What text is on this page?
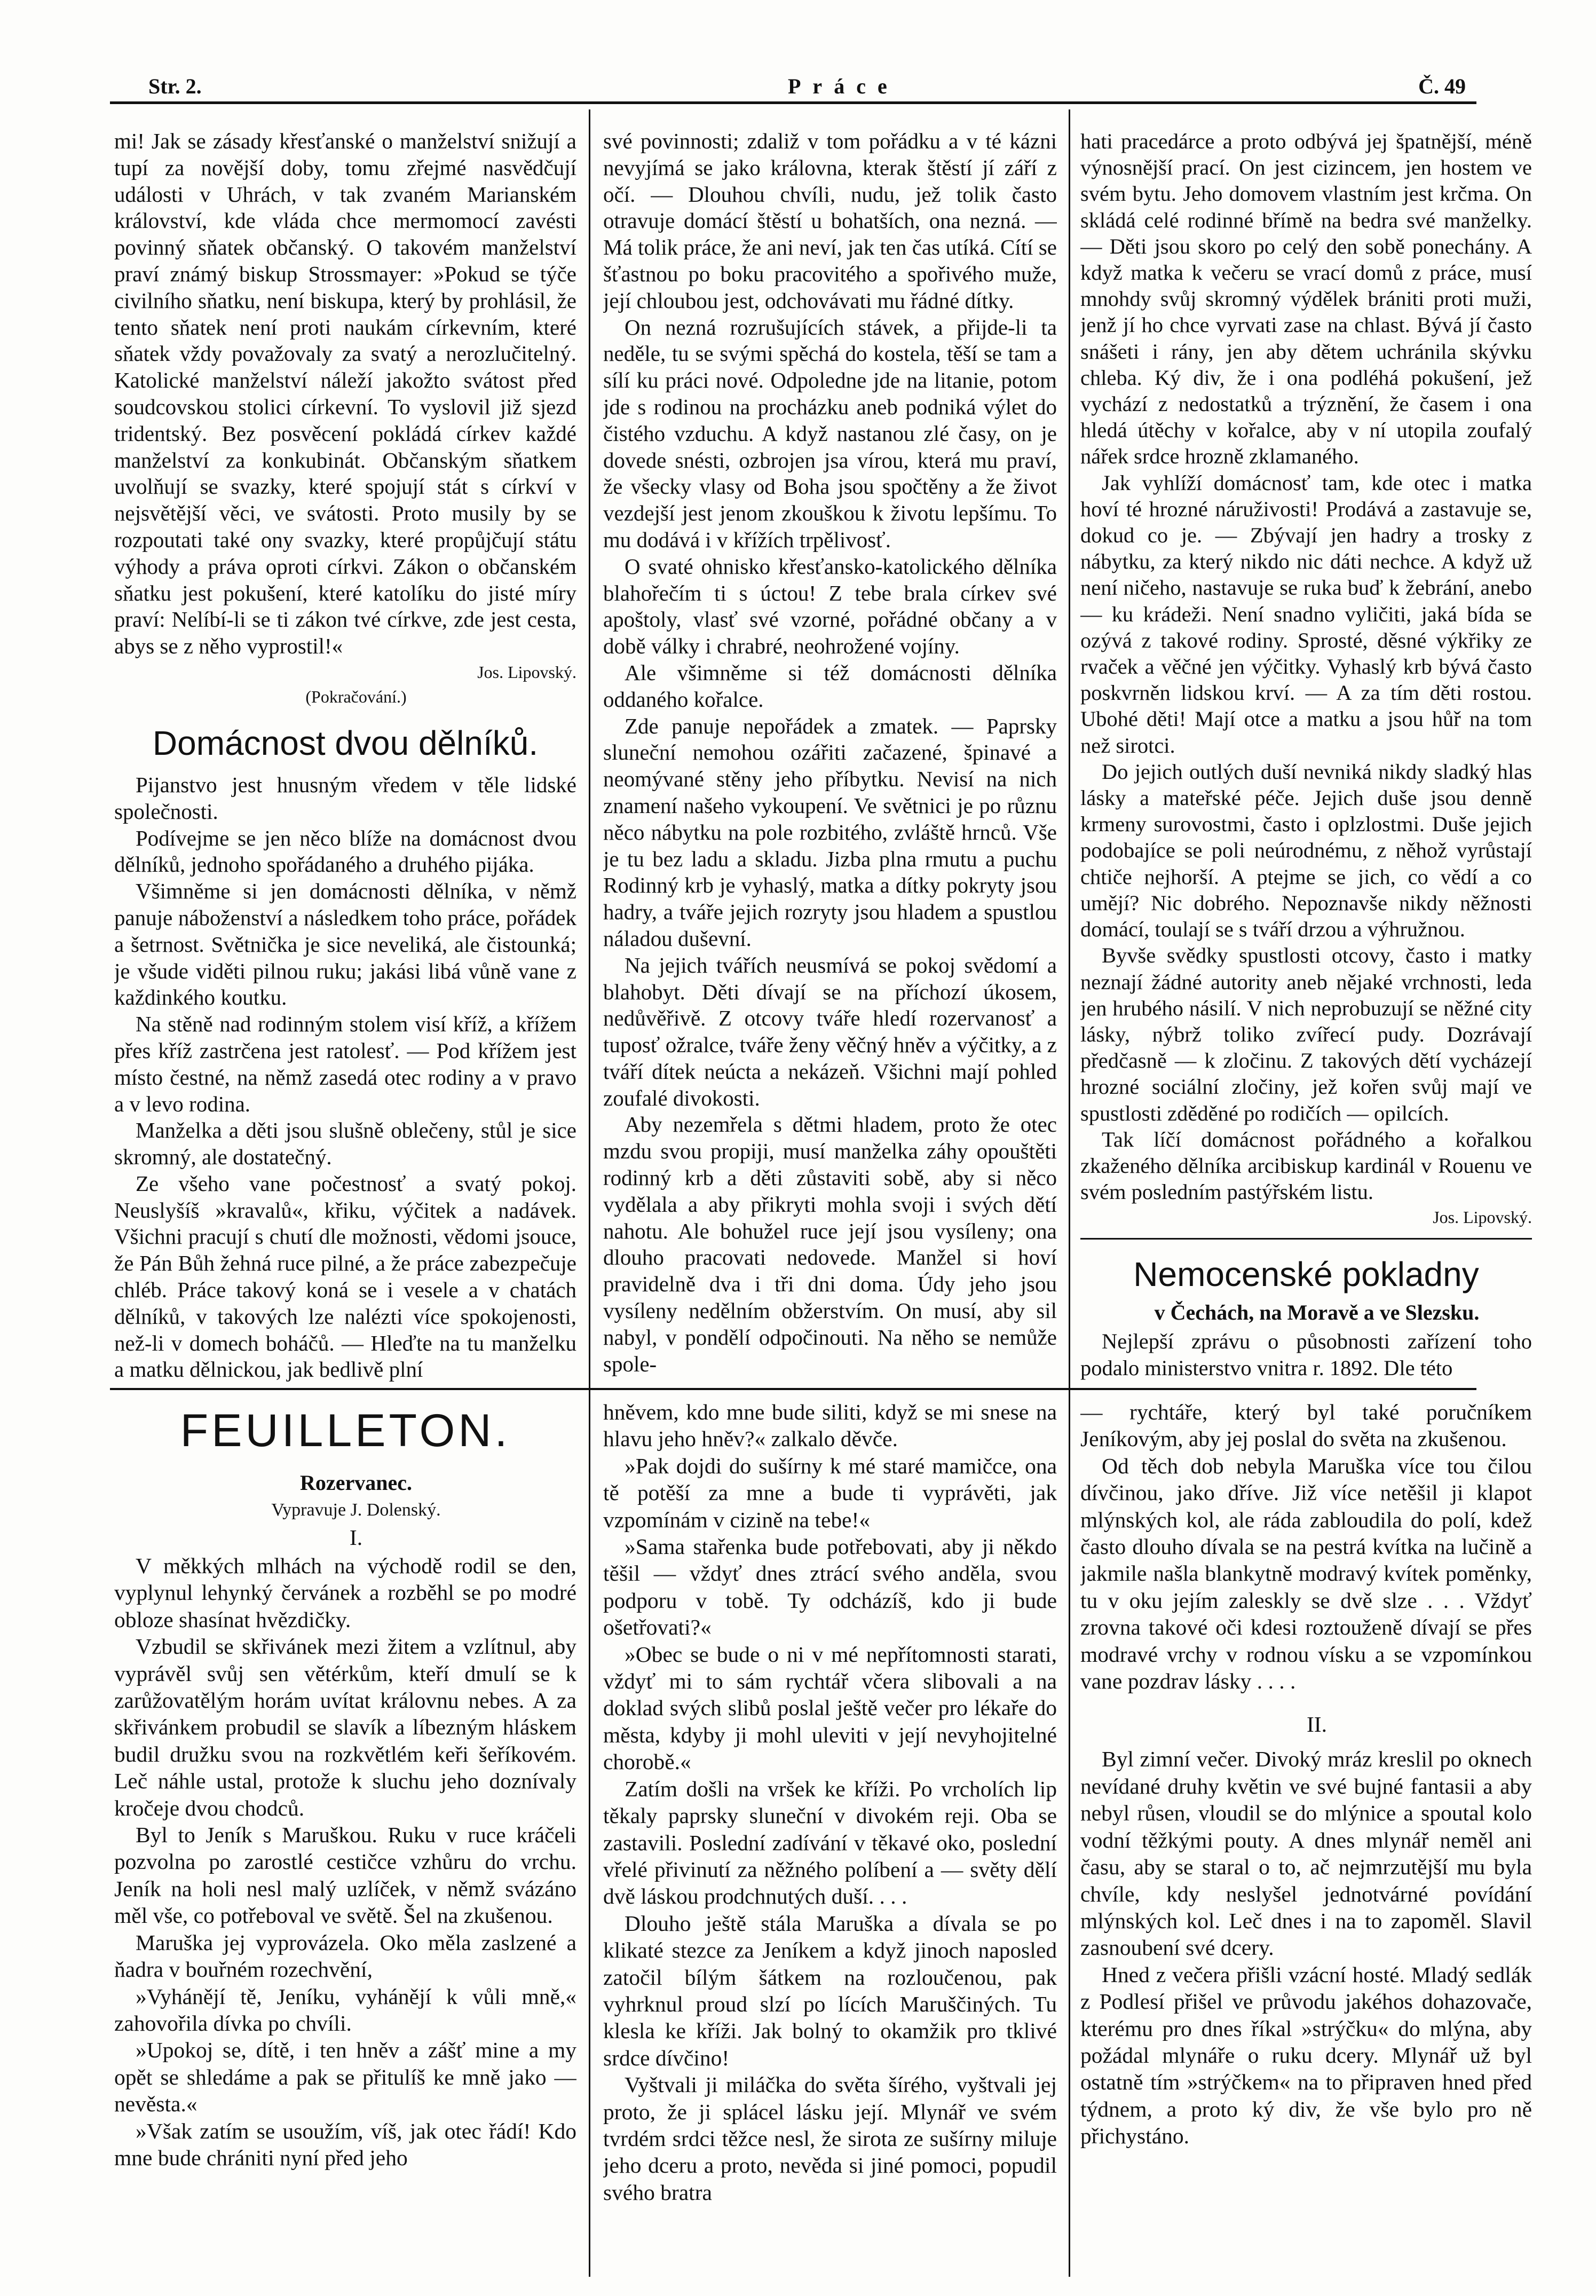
Str. 2.	Práce	Č. 49

mi! Jak se zásady křesťanské o manželství snižují a tupí za novější doby, tomu zřejmé nasvědčují události v Uhrách, v tak zvaném Marianském království, kde vláda chce mermomocí zavésti povinný sňatek občanský. O takovém manželství praví známý biskup Strossmayer: »Pokud se týče civilního sňatku, není biskupa, který by prohlásil, že tento sňatek není proti naukám církevním, které sňatek vždy považovaly za svatý a nerozlučitelný. Katolické manželství náleží jakožto svátost před soudcovskou stolici církevní. To vyslovil již sjezd tridentský. Bez posvěcení pokládá církev každé manželství za konkubinát. Občanským sňatkem uvolňují se svazky, které spojují stát s církví v nejsvětější věci, ve svátosti. Proto musily by se rozpoutati také ony svazky, které propůjčují státu výhody a práva oproti církvi. Zákon o občanském sňatku jest pokušení, které katolíku do jisté míry praví: Nelíbí-li se ti zákon tvé církve, zde jest cesta, abys se z něho vyprostil!«

Jos. Lipovský.

(Pokračování.)

Domácnost dvou dělníků.

Pijanstvo jest hnusným vředem v těle lidské společnosti.

Podívejme se jen něco blíže na domácnost dvou dělníků, jednoho spořádaného a druhého pijáka.

Všimněme si jen domácnosti dělníka, v němž panuje náboženství a následkem toho práce, pořádek a šetrnost. Světnička je sice neveliká, ale čistounká; je všude viděti pilnou ruku; jakási libá vůně vane z každinkého koutku.

Na stěně nad rodinným stolem visí kříž, a křížem přes kříž zastrčena jest ratolesť. — Pod křížem jest místo čestné, na němž zasedá otec rodiny a v pravo a v levo rodina.

Manželka a děti jsou slušně oblečeny, stůl je sice skromný, ale dostatečný.

Ze všeho vane počestnosť a svatý pokoj. Neuslyšíš »kravalů«, křiku, výčitek a nadávek. Všichni pracují s chutí dle možnosti, vědomi jsouce, že Pán Bůh žehná ruce pilné, a že práce zabezpečuje chléb. Práce takový koná se i vesele a v chatách dělníků, v takových lze nalézti více spokojenosti, než-li v domech boháčů. — Hleďte na tu manželku a matku dělnickou, jak bedlivě plní

své povinnosti; zdaliž v tom pořádku a v té kázni nevyjímá se jako královna, kterak štěstí jí září z očí. — Dlouhou chvíli, nudu, jež tolik často otravuje domácí štěstí u bohatších, ona nezná. — Má tolik práce, že ani neví, jak ten čas utíká. Cítí se šťastnou po boku pracovitého a spořivého muže, její chloubou jest, odchovávati mu řádné dítky.

On nezná rozrušujících stávek, a přijde-li ta neděle, tu se svými spěchá do kostela, těší se tam a sílí ku práci nové. Odpoledne jde na litanie, potom jde s rodinou na procházku aneb podniká výlet do čistého vzduchu. A když nastanou zlé časy, on je dovede snésti, ozbrojen jsa vírou, která mu praví, že všecky vlasy od Boha jsou spočtěny a že život vezdejší jest jenom zkouškou k životu lepšímu. To mu dodává i v křížích trpělivosť.

O svaté ohnisko křesťansko-katolického dělníka blahořečím ti s úctou! Z tebe brala církev své apoštoly, vlasť své vzorné, pořádné občany a v době války i chrabré, neohrožené vojíny.

Ale všimněme si též domácnosti dělníka oddaného kořalce.

Zde panuje nepořádek a zmatek. — Paprsky sluneční nemohou ozářiti začazené, špinavé a neomývané stěny jeho příbytku. Nevisí na nich znamení našeho vykoupení. Ve světnici je po různu něco nábytku na pole rozbitého, zvláště hrnců. Vše je tu bez ladu a skladu. Jizba plna rmutu a puchu Rodinný krb je vyhaslý, matka a dítky pokryty jsou hadry, a tváře jejich rozryty jsou hladem a spustlou náladou duševní.

Na jejich tvářích neusmívá se pokoj svědomí a blahobyt. Děti dívají se na příchozí úkosem, nedůvěřivě. Z otcovy tváře hledí rozervanosť a tuposť ožralce, tváře ženy věčný hněv a výčitky, a z tváří dítek neúcta a nekázeň. Všichni mají pohled zoufalé divokosti.

Aby nezemřela s dětmi hladem, proto že otec mzdu svou propiji, musí manželka záhy opouštěti rodinný krb a děti zůstaviti sobě, aby si něco vydělala a aby přikryti mohla svoji i svých dětí nahotu. Ale bohužel ruce její jsou vysíleny; ona dlouho pracovati nedovede. Manžel si hoví pravidelně dva i tři dni doma. Údy jeho jsou vysíleny nedělním obžerstvím. On musí, aby sil nabyl, v pondělí odpočinouti. Na něho se nemůže spole-

hati pracedárce a proto odbývá jej špatnější, méně výnosnější prací. On jest cizincem, jen hostem ve svém bytu. Jeho domovem vlastním jest krčma. On skládá celé rodinné břímě na bedra své manželky. — Děti jsou skoro po celý den sobě ponechány. A když matka k večeru se vrací domů z práce, musí mnohdy svůj skromný výdělek brániti proti muži, jenž jí ho chce vyrvati zase na chlast. Bývá jí často snášeti i rány, jen aby dětem uchránila skývku chleba. Ký div, že i ona podléhá pokušení, jež vychází z nedostatků a trýznění, že časem i ona hledá útěchy v kořalce, aby v ní utopila zoufalý nářek srdce hrozně zklamaného.

Jak vyhlíží domácnosť tam, kde otec i matka hoví té hrozné náruživosti! Prodává a zastavuje se, dokud co je. — Zbývají jen hadry a trosky z nábytku, za který nikdo nic dáti nechce. A když už není ničeho, nastavuje se ruka buď k žebrání, anebo — ku krádeži. Není snadno vyličiti, jaká bída se ozývá z takové rodiny. Sprosté, děsné výkřiky ze rvaček a věčné jen výčitky. Vyhaslý krb bývá často poskvrněn lidskou krví. — A za tím děti rostou. Ubohé děti! Mají otce a matku a jsou hůř na tom než sirotci.

Do jejich outlých duší nevniká nikdy sladký hlas lásky a mateřské péče. Jejich duše jsou denně krmeny surovostmi, často i oplzlostmi. Duše jejich podobajíce se poli neúrodnému, z něhož vyrůstají chtiče nejhorší. A ptejme se jich, co vědí a co umějí? Nic dobrého. Nepoznavše nikdy něžnosti domácí, toulají se s tváří drzou a výhružnou.

Byvše svědky spustlosti otcovy, často i matky neznají žádné autority aneb nějaké vrchnosti, leda jen hrubého násilí. V nich neprobuzují se něžné city lásky, nýbrž toliko zvířecí pudy. Dozrávají předčasně — k zločinu. Z takových dětí vycházejí hrozné sociální zločiny, jež kořen svůj mají ve spustlosti zděděné po rodičích — opilcích.

Tak líčí domácnost pořádného a kořalkou zkaženého dělníka arcibiskup kardinál v Rouenu ve svém posledním pastýřském listu.

Jos. Lipovský.

Nemocenské pokladny

v Čechách, na Moravě a ve Slezsku.

Nejlepší zprávu o působnosti zařízení toho podalo ministerstvo vnitra r. 1892. Dle této

FEUILLETON.

Rozervanec.

Vypravuje J. Dolenský.

I.

V měkkých mlhách na východě rodil se den, vyplynul lehynký červánek a rozběhl se po modré obloze shasínat hvězdičky.

Vzbudil se skřivánek mezi žitem a vzlítnul, aby vyprávěl svůj sen větérkům, kteří dmulí se k zarůžovatělým horám uvítat královnu nebes. A za skřivánkem probudil se slavík a líbezným hláskem budil družku svou na rozkvětlém keři šeříkovém. Leč náhle ustal, protože k sluchu jeho doznívaly kročeje dvou chodců.

Byl to Jeník s Maruškou. Ruku v ruce kráčeli pozvolna po zarostlé cestičce vzhůru do vrchu. Jeník na holi nesl malý uzlíček, v němž svázáno měl vše, co potřeboval ve světě. Šel na zkušenou.

Maruška jej vyprovázela. Oko měla zaslzené a ňadra v bouřném rozechvění,

»Vyhánějí tě, Jeníku, vyhánějí k vůli mně,« zahovořila dívka po chvíli.

»Upokoj se, dítě, i ten hněv a zášť mine a my opět se shledáme a pak se přitulíš ke mně jako — nevěsta.«

»Však zatím se usoužím, víš, jak otec řádí! Kdo mne bude chrániti nyní před jeho

hněvem, kdo mne bude siliti, když se mi snese na hlavu jeho hněv?« zalkalo děvče.

»Pak dojdi do sušírny k mé staré mamičce, ona tě potěší za mne a bude ti vyprávěti, jak vzpomínám v cizině na tebe!«

»Sama stařenka bude potřebovati, aby ji někdo těšil — vždyť dnes ztrácí svého anděla, svou podporu v tobě. Ty odcházíš, kdo ji bude ošetřovati?«

»Obec se bude o ni v mé nepřítomnosti starati, vždyť mi to sám rychtář včera slibovali a na doklad svých slibů poslal ještě večer pro lékaře do města, kdyby ji mohl uleviti v její nevyhojitelné chorobě.«

Zatím došli na vršek ke kříži. Po vrcholích lip těkaly paprsky sluneční v divokém reji. Oba se zastavili. Poslední zadívání v těkavé oko, poslední vřelé přivinutí za něžného políbení a — světy dělí dvě láskou prodchnutých duší. . . .

Dlouho ještě stála Maruška a dívala se po klikaté stezce za Jeníkem a když jinoch naposled zatočil bílým šátkem na rozloučenou, pak vyhrknul proud slzí po lících Maruščiných. Tu klesla ke kříži. Jak bolný to okamžik pro tklivé srdce dívčino!

Vyštvali ji miláčka do světa šírého, vyštvali jej proto, že ji splácel lásku její. Mlynář ve svém tvrdém srdci těžce nesl, že sirota ze sušírny miluje jeho dceru a proto, nevěda si jiné pomoci, popudil svého bratra

— rychtáře, který byl také poručníkem Jeníkovým, aby jej poslal do světa na zkušenou.

Od těch dob nebyla Maruška více tou čilou dívčinou, jako dříve. Již více netěšil ji klapot mlýnských kol, ale ráda zabloudila do polí, kdež často dlouho dívala se na pestrá kvítka na lučině a jakmile našla blankytně modravý kvítek poměnky, tu v oku jejím zaleskly se dvě slze . . . Vždyť zrovna takové oči kdesi roztouženě dívají se přes modravé vrchy v rodnou vísku a se vzpomínkou vane pozdrav lásky . . . .

II.

Byl zimní večer. Divoký mráz kreslil po oknech nevídané druhy květin ve své bujné fantasii a aby nebyl růsen, vloudil se do mlýnice a spoutal kolo vodní těžkými pouty. A dnes mlynář neměl ani času, aby se staral o to, ač nejmrzutější mu byla chvíle, kdy neslyšel jednotvárné povídání mlýnských kol. Leč dnes i na to zapoměl. Slavil zasnoubení své dcery.

Hned z večera přišli vzácní hosté. Mladý sedlák z Podlesí přišel ve průvodu jakéhos dohazovače, kterému pro dnes říkal »strýčku« do mlýna, aby požádal mlynáře o ruku dcery. Mlynář už byl ostatně tím »strýčkem« na to připraven hned před týdnem, a proto ký div, že vše bylo pro ně přichystáno.
